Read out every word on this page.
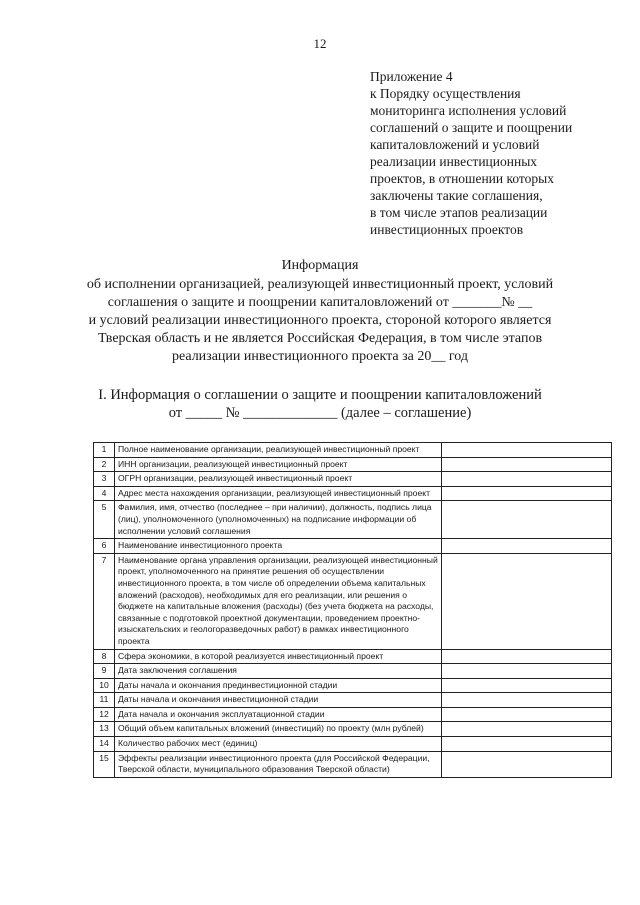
12
Приложение 4
к Порядку осуществления
мониторинга исполнения условий
соглашений о защите и поощрении
капиталовложений и условий
реализации инвестиционных
проектов, в отношении которых
заключены такие соглашения,
в том числе этапов реализации
инвестиционных проектов
Информация
об исполнении организацией, реализующей инвестиционный проект, условий
соглашения о защите и поощрении капиталовложений от _______№ __
и условий реализации инвестиционного проекта, стороной которого является
Тверская область и не является Российская Федерация, в том числе этапов
реализации инвестиционного проекта за 20__ год
I. Информация о соглашении о защите и поощрении капиталовложений
от _____ № _____________ (далее – соглашение)
1	Полное наименование организации, реализующей инвестиционный проект	
2	ИНН организации, реализующей инвестиционный проект	
3	ОГРН организации, реализующей инвестиционный проект	
4	Адрес места нахождения организации, реализующей инвестиционный проект	
5	Фамилия, имя, отчество (последнее – при наличии), должность, подпись лица (лиц), уполномоченного (уполномоченных) на подписание информации об исполнении условий соглашения	
6	Наименование инвестиционного проекта	
7	Наименование органа управления организации, реализующей инвестиционный проект, уполномоченного на принятие решения об осуществлении инвестиционного проекта, в том числе об определении объема капитальных вложений (расходов), необходимых для его реализации, или решения о бюджете на капитальные вложения (расходы) (без учета бюджета на расходы, связанные с подготовкой проектной документации, проведением проектно-изыскательских и геологоразведочных работ) в рамках инвестиционного проекта	
8	Сфера экономики, в которой реализуется инвестиционный проект	
9	Дата заключения соглашения	
10	Даты начала и окончания прединвестиционной стадии	
11	Даты начала и окончания инвестиционной стадии	
12	Дата начала и окончания эксплуатационной стадии	
13	Общий объем капитальных вложений (инвестиций) по проекту (млн рублей)	
14	Количество рабочих мест (единиц)	
15	Эффекты реализации инвестиционного проекта (для Российской Федерации, Тверской области, муниципального образования Тверской области)	
